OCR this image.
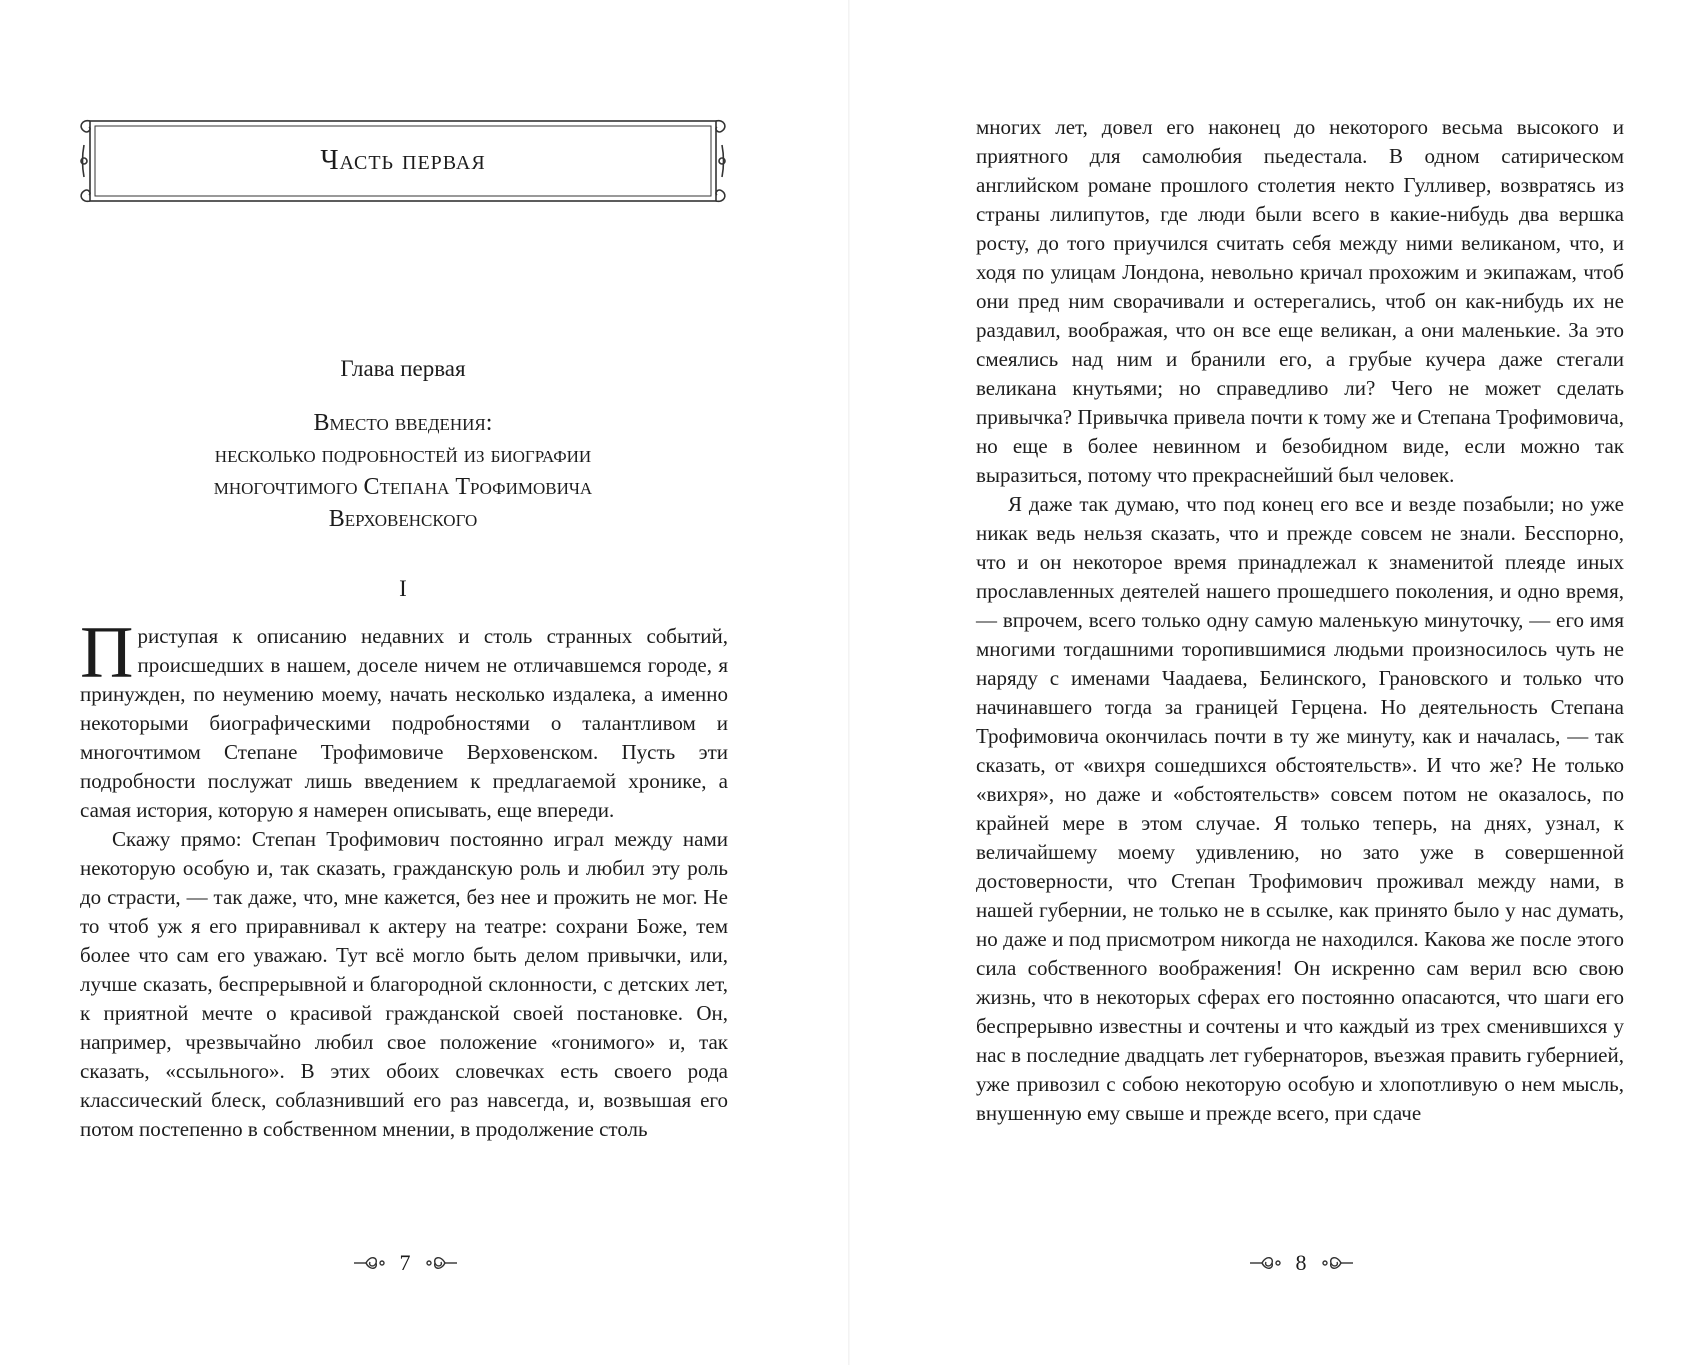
Часть первая
Глава первая
Вместо введения:
несколько подробностей из биографии
многочтимого Степана Трофимовича
Верховенского
I

Приступая к описанию недавних и столь странных событий, происшедших в нашем, доселе ничем не отличавшемся городе, я принужден, по неумению моему, начать несколько издалека, а именно некоторыми биографическими подробностями о талантливом и многочтимом Степане Трофимовиче Верховенском. Пусть эти подробности послужат лишь введением к предлагаемой хронике, а самая история, которую я намерен описывать, еще впереди.

Скажу прямо: Степан Трофимович постоянно играл между нами некоторую особую и, так сказать, гражданскую роль и любил эту роль до страсти, — так даже, что, мне кажется, без нее и прожить не мог. Не то чтоб уж я его приравнивал к актеру на театре: сохрани Боже, тем более что сам его уважаю. Тут всё могло быть делом привычки, или, лучше сказать, беспрерывной и благородной склонности, с детских лет, к приятной мечте о красивой гражданской своей постановке. Он, например, чрезвычайно любил свое положение «гонимого» и, так сказать, «ссыльного». В этих обоих словечках есть своего рода классический блеск, соблазнивший его раз навсегда, и, возвышая его потом постепенно в собственном мнении, в продолжение столь

7

многих лет, довел его наконец до некоторого весьма высокого и приятного для самолюбия пьедестала. В одном сатирическом английском романе прошлого столетия некто Гулливер, возвратясь из страны лилипутов, где люди были всего в какие-нибудь два вершка росту, до того приучился считать себя между ними великаном, что, и ходя по улицам Лондона, невольно кричал прохожим и экипажам, чтоб они пред ним сворачивали и остерегались, чтоб он как-нибудь их не раздавил, воображая, что он все еще великан, а они маленькие. За это смеялись над ним и бранили его, а грубые кучера даже стегали великана кнутьями; но справедливо ли? Чего не может сделать привычка? Привычка привела почти к тому же и Степана Трофимовича, но еще в более невинном и безобидном виде, если можно так выразиться, потому что прекраснейший был человек.

Я даже так думаю, что под конец его все и везде позабыли; но уже никак ведь нельзя сказать, что и прежде совсем не знали. Бесспорно, что и он некоторое время принадлежал к знаменитой плеяде иных прославленных деятелей нашего прошедшего поколения, и одно время, — впрочем, всего только одну самую маленькую минуточку, — его имя многими тогдашними торопившимися людьми произносилось чуть не наряду с именами Чаадаева, Белинского, Грановского и только что начинавшего тогда за границей Герцена. Но деятельность Степана Трофимовича окончилась почти в ту же минуту, как и началась, — так сказать, от «вихря сошедшихся обстоятельств». И что же? Не только «вихря», но даже и «обстоятельств» совсем потом не оказалось, по крайней мере в этом случае. Я только теперь, на днях, узнал, к величайшему моему удивлению, но зато уже в совершенной достоверности, что Степан Трофимович проживал между нами, в нашей губернии, не только не в ссылке, как принято было у нас думать, но даже и под присмотром никогда не находился. Какова же после этого сила собственного воображения! Он искренно сам верил всю свою жизнь, что в некоторых сферах его постоянно опасаются, что шаги его беспрерывно известны и сочтены и что каждый из трех сменившихся у нас в последние двадцать лет губернаторов, въезжая править губернией, уже привозил с собою некоторую особую и хлопотливую о нем мысль, внушенную ему свыше и прежде всего, при сдаче

8
